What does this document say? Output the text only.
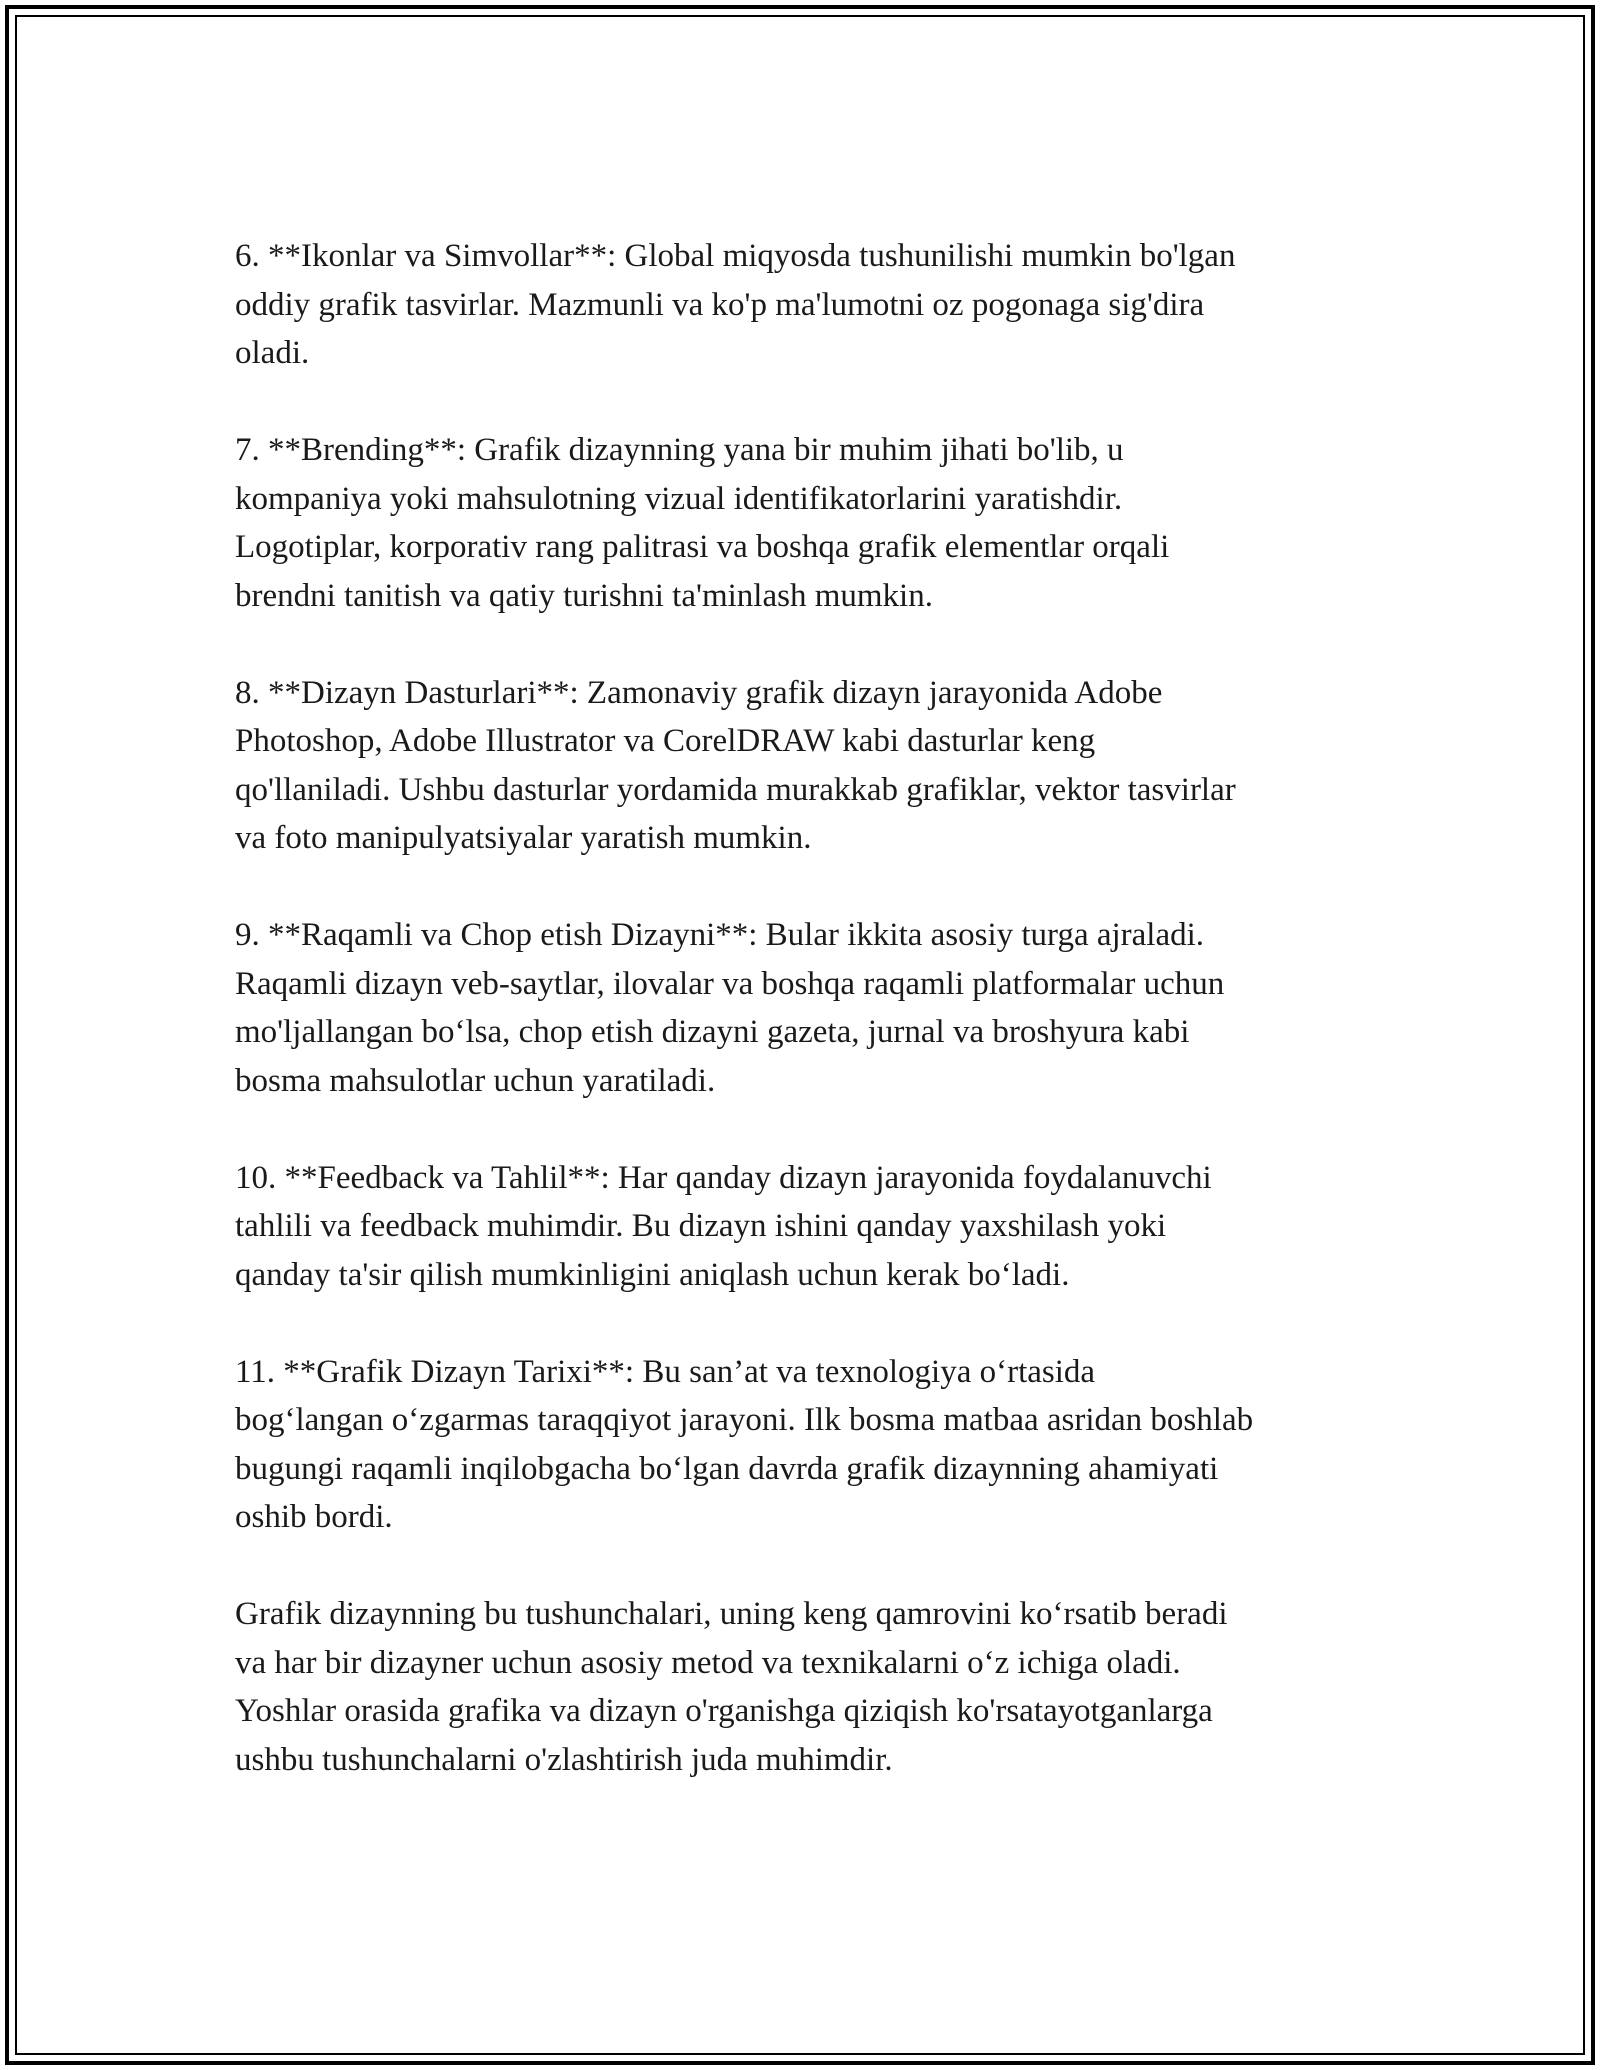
6. **Ikonlar va Simvollar**: Global miqyosda tushunilishi mumkin bo'lgan
oddiy grafik tasvirlar. Mazmunli va ko'p ma'lumotni oz pogonaga sig'dira
oladi.

7. **Brending**: Grafik dizaynning yana bir muhim jihati bo'lib, u
kompaniya yoki mahsulotning vizual identifikatorlarini yaratishdir.
Logotiplar, korporativ rang palitrasi va boshqa grafik elementlar orqali
brendni tanitish va qatiy turishni ta'minlash mumkin.

8. **Dizayn Dasturlari**: Zamonaviy grafik dizayn jarayonida Adobe
Photoshop, Adobe Illustrator va CorelDRAW kabi dasturlar keng
qo'llaniladi. Ushbu dasturlar yordamida murakkab grafiklar, vektor tasvirlar
va foto manipulyatsiyalar yaratish mumkin.

9. **Raqamli va Chop etish Dizayni**: Bular ikkita asosiy turga ajraladi.
Raqamli dizayn veb-saytlar, ilovalar va boshqa raqamli platformalar uchun
mo'ljallangan bo‘lsa, chop etish dizayni gazeta, jurnal va broshyura kabi
bosma mahsulotlar uchun yaratiladi.

10. **Feedback va Tahlil**: Har qanday dizayn jarayonida foydalanuvchi
tahlili va feedback muhimdir. Bu dizayn ishini qanday yaxshilash yoki
qanday ta'sir qilish mumkinligini aniqlash uchun kerak bo‘ladi.

11. **Grafik Dizayn Tarixi**: Bu san’at va texnologiya o‘rtasida
bog‘langan o‘zgarmas taraqqiyot jarayoni. Ilk bosma matbaa asridan boshlab
bugungi raqamli inqilobgacha bo‘lgan davrda grafik dizaynning ahamiyati
oshib bordi.

Grafik dizaynning bu tushunchalari, uning keng qamrovini ko‘rsatib beradi
va har bir dizayner uchun asosiy metod va texnikalarni o‘z ichiga oladi.
Yoshlar orasida grafika va dizayn o'rganishga qiziqish ko'rsatayotganlarga
ushbu tushunchalarni o'zlashtirish juda muhimdir.
